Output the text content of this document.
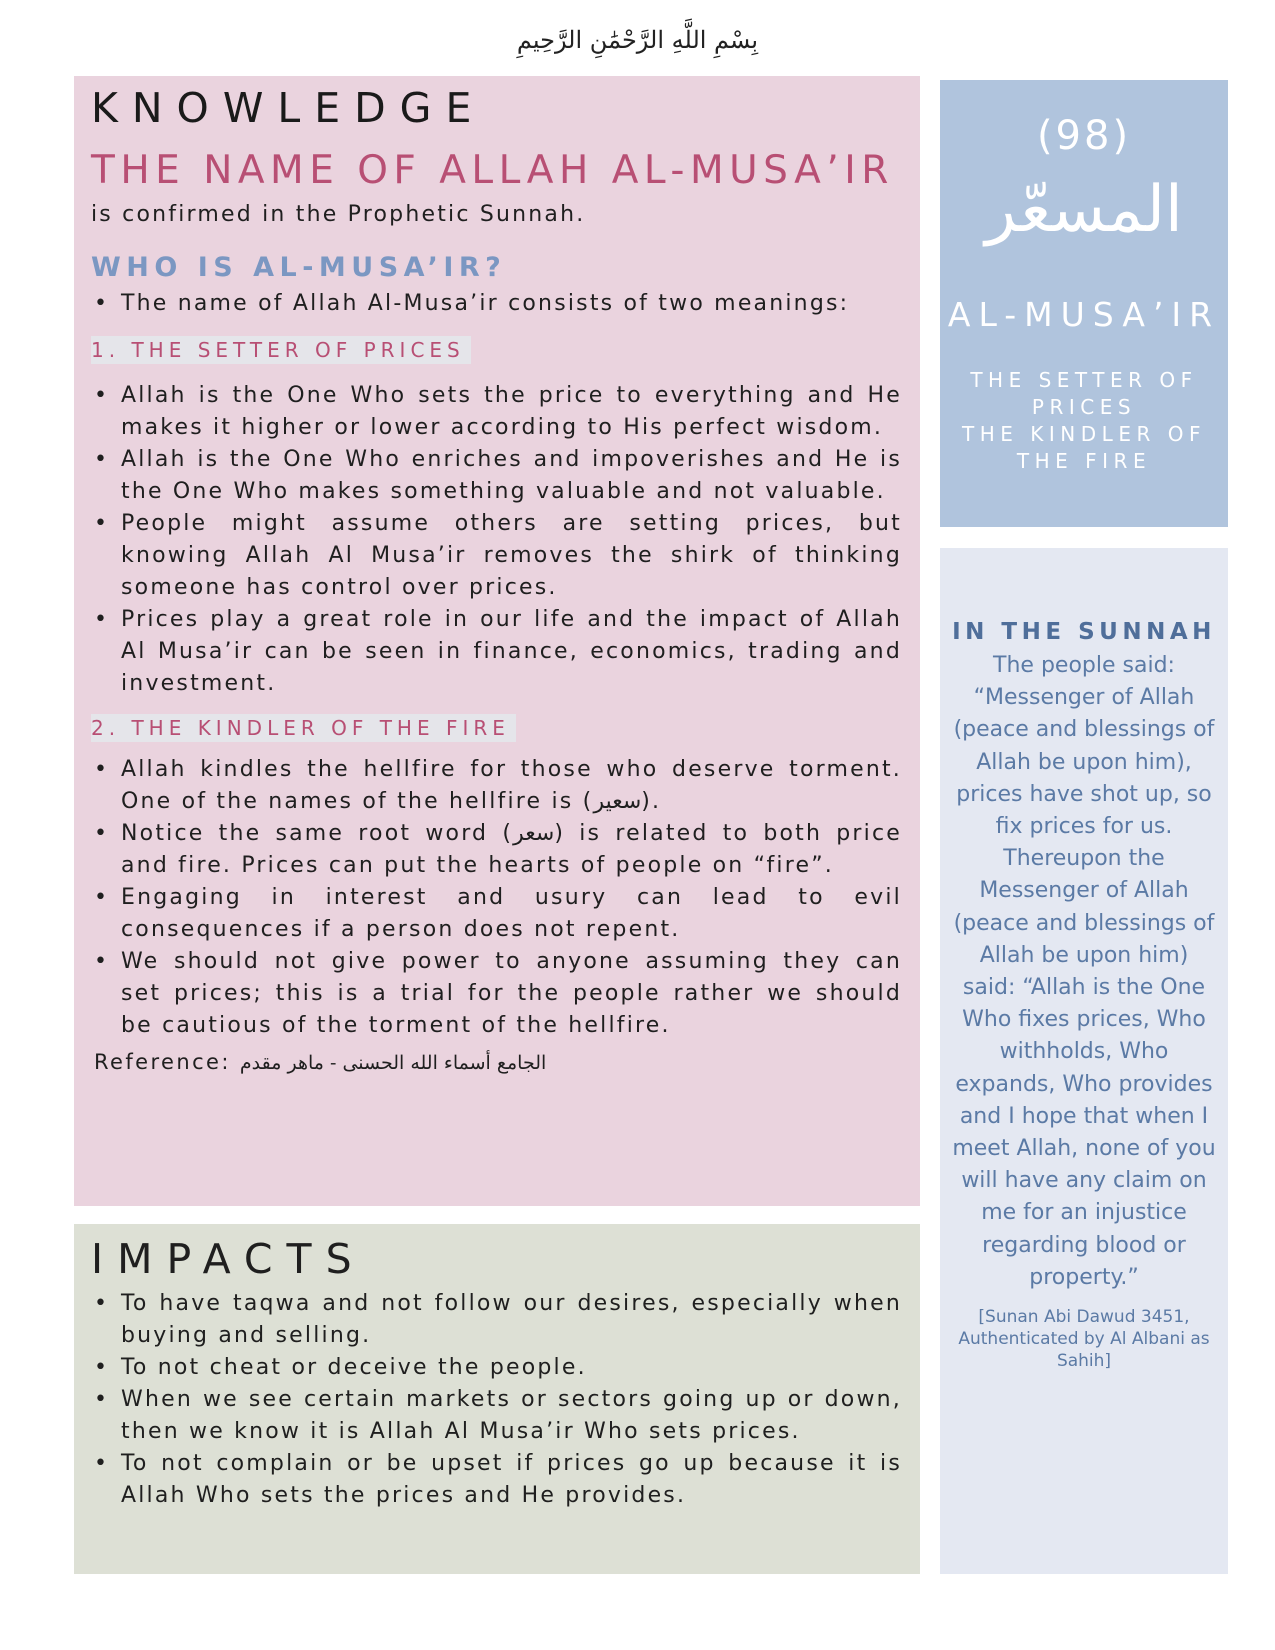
بِسْمِ اللَّهِ الرَّحْمَٰنِ الرَّحِيمِ
KNOWLEDGE
THE NAME OF ALLAH AL-MUSA’IR

is confirmed in the Prophetic Sunnah.

WHO IS AL-MUSA’IR?
• The name of Allah Al-Musa’ir consists of two meanings:
1. THE SETTER OF PRICES
• Allah is the One Who sets the price to everything and He makes it higher or lower according to His perfect wisdom.
• Allah is the One Who enriches and impoverishes and He is the One Who makes something valuable and not valuable.
• People might assume others are setting prices, but knowing Allah Al Musa’ir removes the shirk of thinking someone has control over prices.
• Prices play a great role in our life and the impact of Allah Al Musa’ir can be seen in finance, economics, trading and investment.
2. THE KINDLER OF THE FIRE
• Allah kindles the hellfire for those who deserve torment. One of the names of the hellfire is (سعير).
• Notice the same root word (سعر) is related to both price and fire. Prices can put the hearts of people on “fire”.
• Engaging in interest and usury can lead to evil consequences if a person does not repent.
• We should not give power to anyone assuming they can set prices; this is a trial for the people rather we should be cautious of the torment of the hellfire.
Reference: الجامع أسماء الله الحسنى - ماهر مقدم
IMPACTS
• To have taqwa and not follow our desires, especially when buying and selling.
• To not cheat or deceive the people.
• When we see certain markets or sectors going up or down, then we know it is Allah Al Musa’ir Who sets prices.
• To not complain or be upset if prices go up because it is Allah Who sets the prices and He provides.
(98)
المسعّر
AL-MUSA’IR
THE SETTER OF PRICES
THE KINDLER OF THE FIRE
IN THE SUNNAH
The people said: “Messenger of Allah (peace and blessings of Allah be upon him), prices have shot up, so fix prices for us. Thereupon the Messenger of Allah (peace and blessings of Allah be upon him) said: “Allah is the One Who fixes prices, Who withholds, Who expands, Who provides and I hope that when I meet Allah, none of you will have any claim on me for an injustice regarding blood or property.”
[Sunan Abi Dawud 3451, Authenticated by Al Albani as Sahih]
